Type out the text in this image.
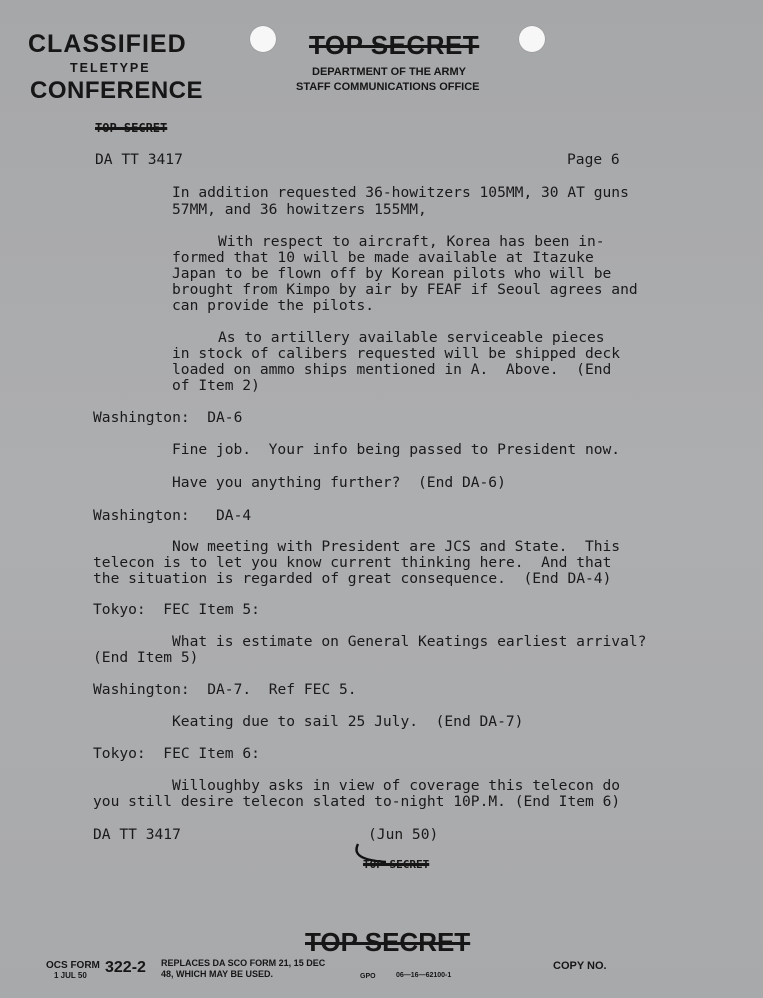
CLASSIFIED
TELETYPE
CONFERENCE
TOP SECRET
DEPARTMENT OF THE ARMY
STAFF COMMUNICATIONS OFFICE
TOP SECRET
DA TT 3417	Page 6
In addition requested 36-howitzers 105MM, 30 AT guns
57MM, and 36 howitzers 155MM,
With respect to aircraft, Korea has been in-
formed that 10 will be made available at Itazuke
Japan to be flown off by Korean pilots who will be
brought from Kimpo by air by FEAF if Seoul agrees and
can provide the pilots.
As to artillery available serviceable pieces
in stock of calibers requested will be shipped deck
loaded on ammo ships mentioned in A.  Above.  (End
of Item 2)
Washington:  DA-6
Fine job.  Your info being passed to President now.
Have you anything further?  (End DA-6)
Washington:   DA-4
Now meeting with President are JCS and State.  This
telecon is to let you know current thinking here.  And that
the situation is regarded of great consequence.  (End DA-4)
Tokyo:  FEC Item 5:
What is estimate on General Keatings earliest arrival?
(End Item 5)
Washington:  DA-7.  Ref FEC 5.
Keating due to sail 25 July.  (End DA-7)
Tokyo:  FEC Item 6:
Willoughby asks in view of coverage this telecon do
you still desire telecon slated to-night 10P.M. (End Item 6)
DA TT 3417	(Jun 50)
TOP SECRET
TOP SECRET
OCS FORM
1 JUL 50 322-2 REPLACES DA SCO FORM 21, 15 DEC
48, WHICH MAY BE USED.	GPO	06—16—62100-1
COPY NO.
